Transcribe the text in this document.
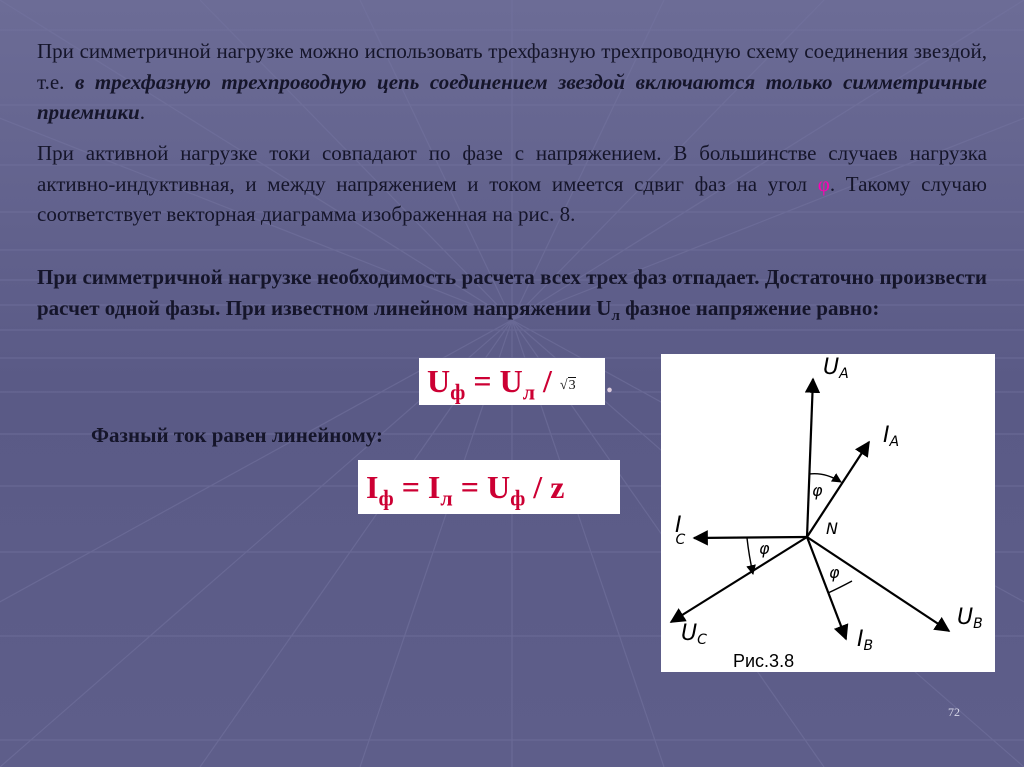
При симметричной нагрузке можно использовать трехфазную трехпроводную схему соединения звездой, т.е. в трехфазную трехпроводную цепь соединением звездой включаются только симметричные приемники.
При активной нагрузке токи совпадают по фазе с напряжением. В большинстве случаев нагрузка активно-индуктивная, и между напряжением и током имеется сдвиг фаз на угол φ. Такому случаю соответствует векторная диаграмма изображенная на рис. 8.
При симметричной нагрузке необходимость расчета всех трех фаз отпадает. Достаточно произвести расчет одной фазы. При известном линейном напряжении $U_л$ фазное напряжение равно:
$U_ф = U_л / √3$	.
Фазный ток равен линейному:
$I_ф = I_л = U_ф / z$
UA
IA
I C
UC
UB
IB
N
φ
φ
φ
Рис.3.8
72
